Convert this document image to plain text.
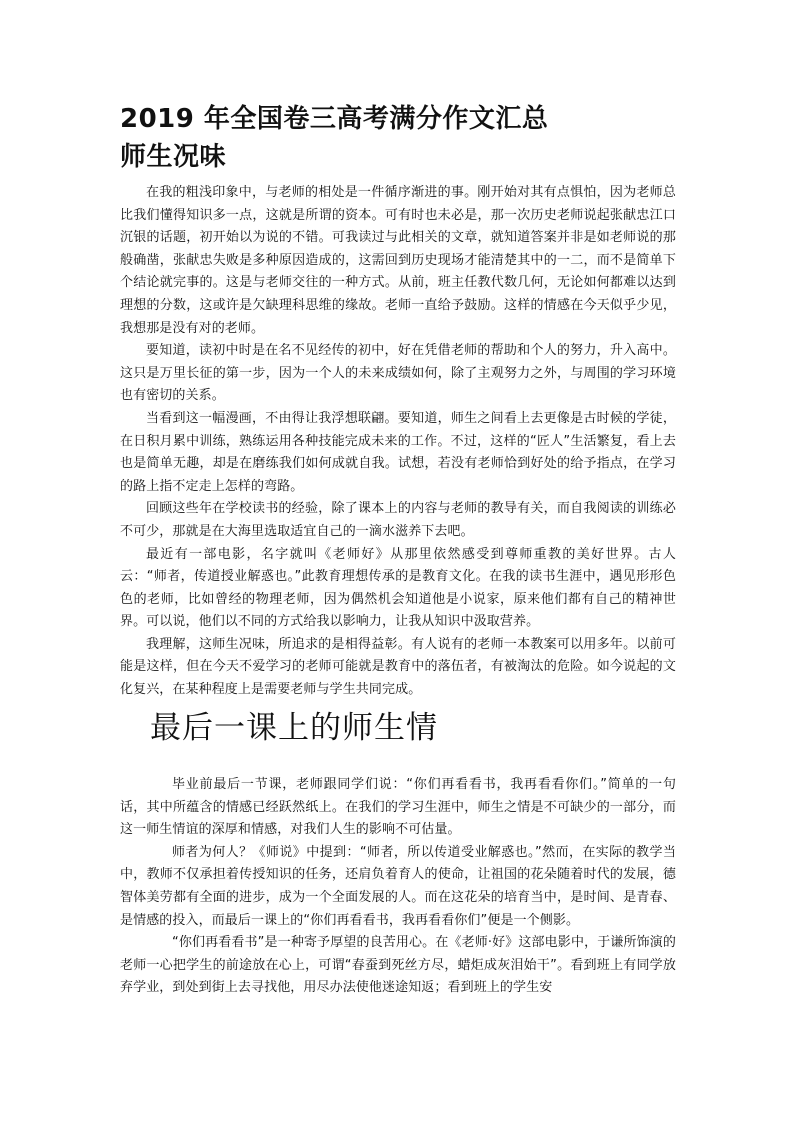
2019 年全国卷三高考满分作文汇总
师生况味

在我的粗浅印象中，与老师的相处是一件循序渐进的事。刚开始对其有点惧怕，因为老师总比我们懂得知识多一点，这就是所谓的资本。可有时也未必是，那一次历史老师说起张献忠江口沉银的话题，初开始以为说的不错。可我读过与此相关的文章，就知道答案并非是如老师说的那般确凿，张献忠失败是多种原因造成的，这需回到历史现场才能清楚其中的一二，而不是简单下个结论就完事的。这是与老师交往的一种方式。从前，班主任教代数几何，无论如何都难以达到理想的分数，这或许是欠缺理科思维的缘故。老师一直给予鼓励。这样的情感在今天似乎少见，我想那是没有对的老师。

要知道，读初中时是在名不见经传的初中，好在凭借老师的帮助和个人的努力，升入高中。这只是万里长征的第一步，因为一个人的未来成绩如何，除了主观努力之外，与周围的学习环境也有密切的关系。

当看到这一幅漫画，不由得让我浮想联翩。要知道，师生之间看上去更像是古时候的学徒，在日积月累中训练，熟练运用各种技能完成未来的工作。不过，这样的“匠人”生活繁复，看上去也是简单无趣，却是在磨练我们如何成就自我。试想，若没有老师恰到好处的给予指点，在学习的路上指不定走上怎样的弯路。

回顾这些年在学校读书的经验，除了课本上的内容与老师的教导有关，而自我阅读的训练必不可少，那就是在大海里选取适宜自己的一滴水滋养下去吧。

最近有一部电影，名字就叫《老师好》从那里依然感受到尊师重教的美好世界。古人云：“师者，传道授业解惑也。”此教育理想传承的是教育文化。在我的读书生涯中，遇见形形色色的老师，比如曾经的物理老师，因为偶然机会知道他是小说家，原来他们都有自己的精神世界。可以说，他们以不同的方式给我以影响力，让我从知识中汲取营养。

我理解，这师生况味，所追求的是相得益彰。有人说有的老师一本教案可以用多年。以前可能是这样，但在今天不爱学习的老师可能就是教育中的落伍者，有被淘汰的危险。如今说起的文化复兴，在某种程度上是需要老师与学生共同完成。

最后一课上的师生情

毕业前最后一节课，老师跟同学们说：“你们再看看书，我再看看你们。”简单的一句话，其中所蕴含的情感已经跃然纸上。在我们的学习生涯中，师生之情是不可缺少的一部分，而这一师生情谊的深厚和情感，对我们人生的影响不可估量。

师者为何人？《师说》中提到：“师者，所以传道受业解惑也。”然而，在实际的教学当中，教师不仅承担着传授知识的任务，还肩负着育人的使命，让祖国的花朵随着时代的发展，德智体美劳都有全面的进步，成为一个全面发展的人。而在这花朵的培育当中，是时间、是青春、是情感的投入，而最后一课上的“你们再看看书，我再看看你们”便是一个侧影。

“你们再看看书”是一种寄予厚望的良苦用心。在《老师·好》这部电影中，于谦所饰演的老师一心把学生的前途放在心上，可谓“春蚕到死丝方尽，蜡炬成灰泪始干”。看到班上有同学放弃学业，到处到街上去寻找他，用尽办法使他迷途知返；看到班上的学生安
